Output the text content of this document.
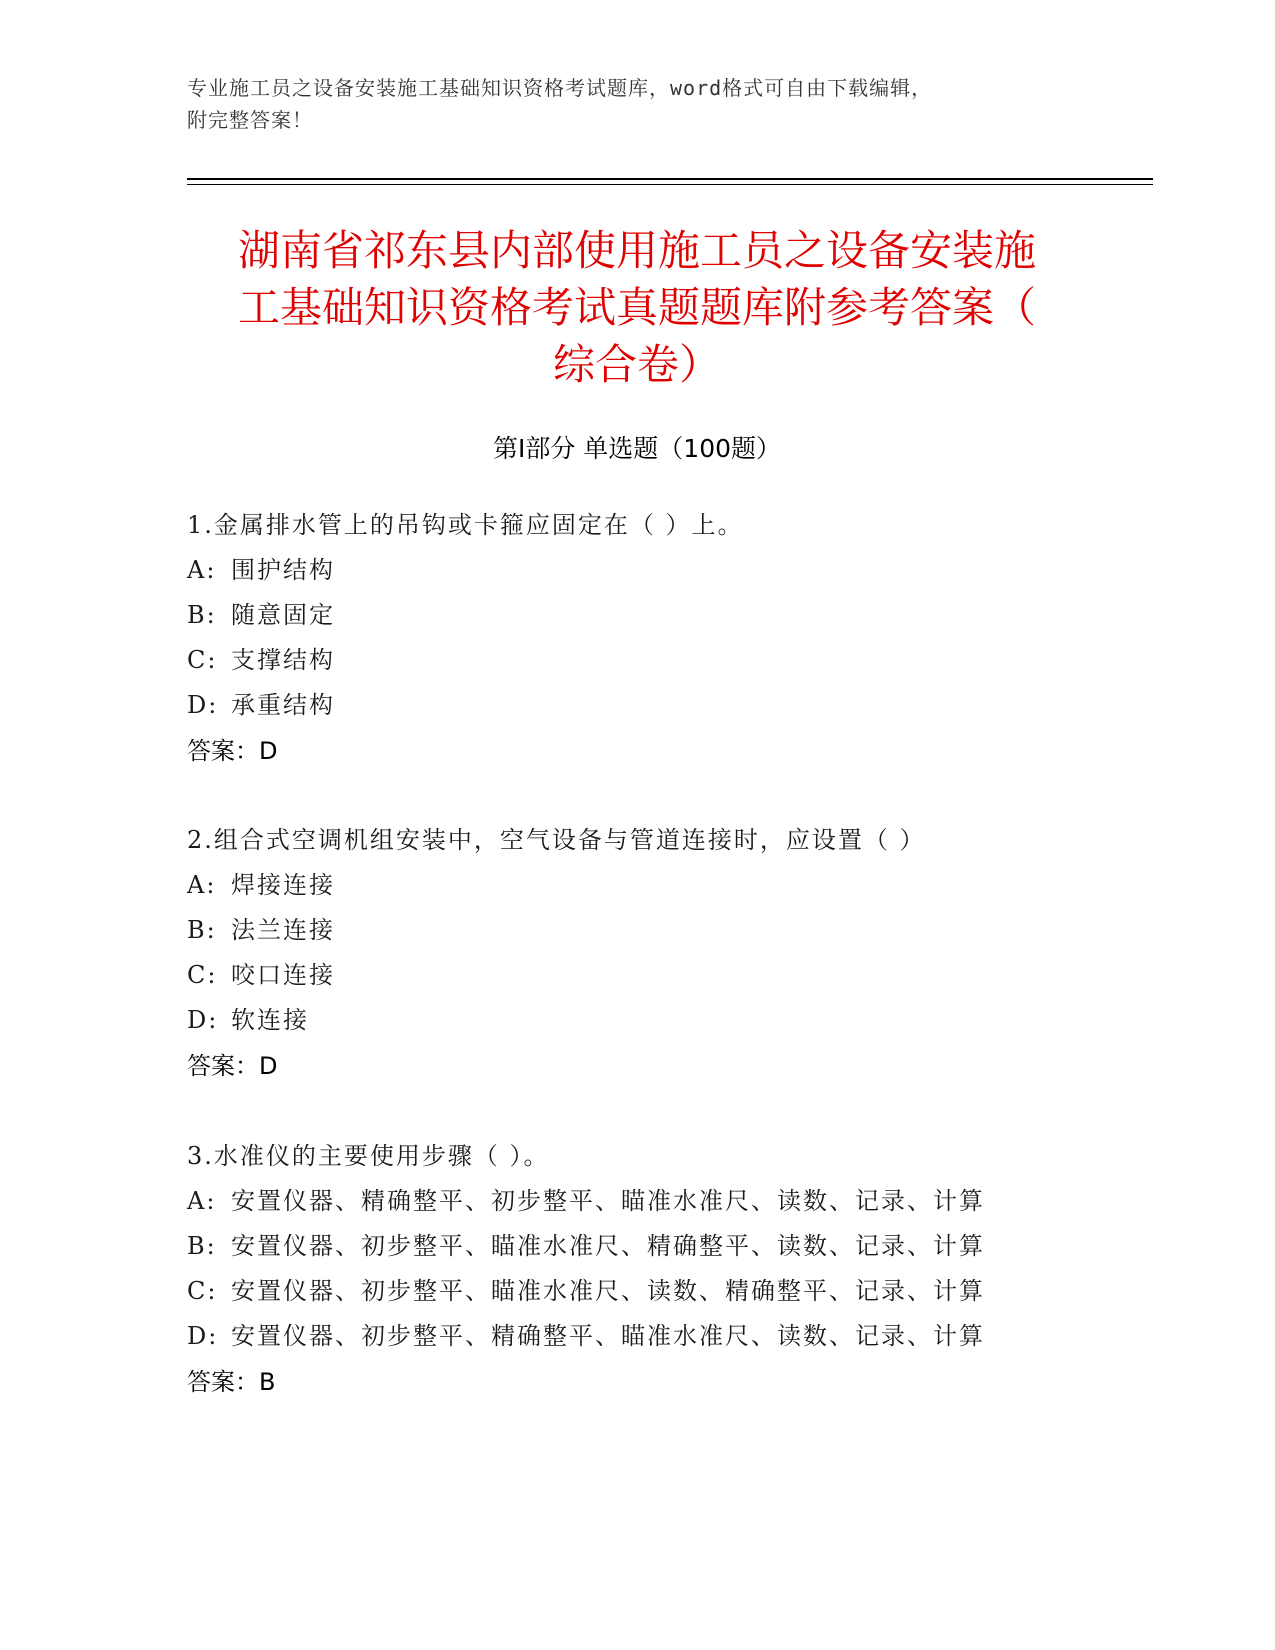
专业施工员之设备安装施工基础知识资格考试题库，word格式可自由下载编辑，
附完整答案！
湖南省祁东县内部使用施工员之设备安装施
工基础知识资格考试真题题库附参考答案（
综合卷）
第Ⅰ部分 单选题（100题）
1.金属排水管上的吊钩或卡箍应固定在（ ）上。
A: 围护结构
B: 随意固定
C: 支撑结构
D: 承重结构
答案：D
2.组合式空调机组安装中，空气设备与管道连接时，应设置（ ）
A: 焊接连接
B: 法兰连接
C: 咬口连接
D: 软连接
答案：D
3.水准仪的主要使用步骤（ ）。
A: 安置仪器、精确整平、初步整平、瞄准水准尺、读数、记录、计算
B: 安置仪器、初步整平、瞄准水准尺、精确整平、读数、记录、计算
C: 安置仪器、初步整平、瞄准水准尺、读数、精确整平、记录、计算
D: 安置仪器、初步整平、精确整平、瞄准水准尺、读数、记录、计算
答案：B
